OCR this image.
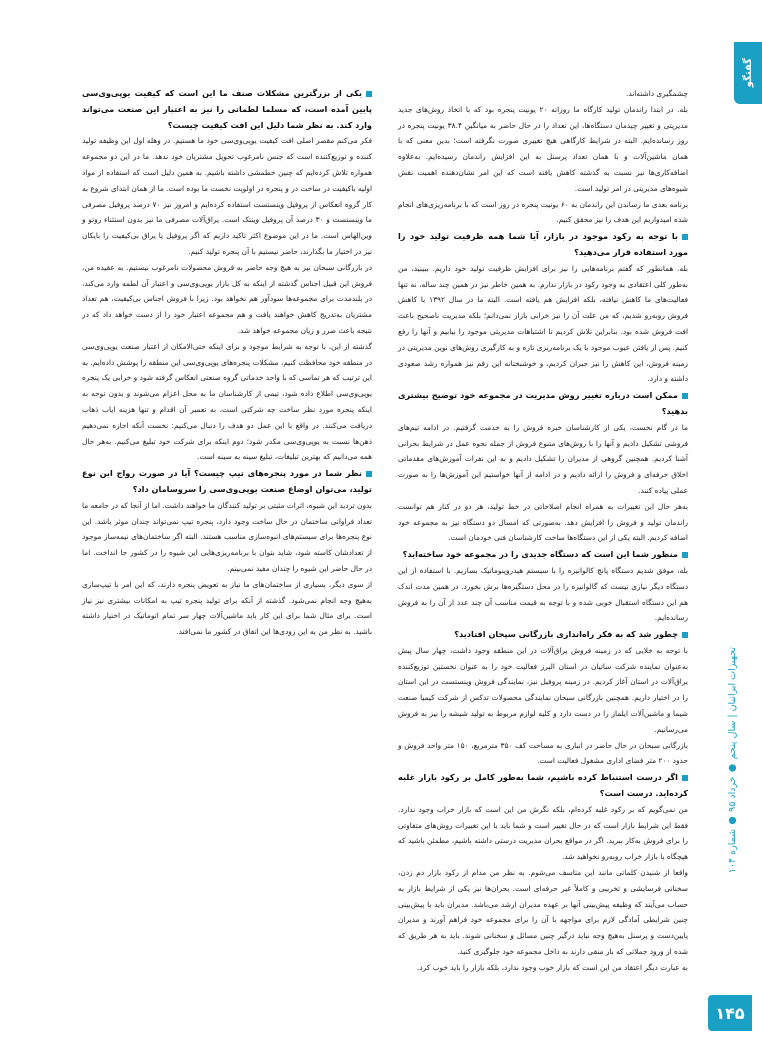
گفتگو
تجهیزات ایرانیان | سال پنجم ● خرداد ۹۵ ● شماره ۱۰۴
۱۴۵

چشمگیری داشته‌اند.

بله. در ابتدا راندمان تولید کارگاه ما روزانه ۲۰ یونیت پنجره بود که با اتخاذ روش‌های جدید مدیریتی و تغییر چیدمان دستگاه‌ها، این تعداد را در حال حاضر به میانگین ۳۸.۴ یونیت پنجره در روز رسانده‌ایم. البته در شرایط کارگاهی هیچ تغییری صورت نگرفته است؛ بدین معنی که با همان ماشین‌آلات و با همان تعداد پرسنل به این افزایش راندمان رسیده‌ایم. به‌علاوه اضافه‌کاری‌ها نیز نسبت به گذشته کاهش یافته است که این امر نشان‌دهنده اهمیت نقش شیوه‌های مدیریتی در امر تولید است.

برنامه بعدی ما رساندن این راندمان به ۶۰ یونیت پنجره در روز است که با برنامه‌ریزی‌های انجام شده امیدواریم این هدف را نیز محقق کنیم.

با توجه به رکود موجود در بازار، آیا شما همه ظرفیت تولید خود را مورد استفاده قرار می‌دهید؟

بله. همانطور که گفتم برنامه‌هایی را نیز برای افزایش ظرفیت تولید خود داریم. ببینید، من به‌طور کلی اعتقادی به وجود رکود در بازار ندارم. به همین خاطر نیز در همین چند ساله، نه تنها فعالیت‌های ما کاهش نیافته، بلکه افزایش هم یافته است. البته ما در سال ۱۳۹۲ با کاهش فروش روبه‌رو شدیم، که من علت آن را نیز خرابی بازار نمی‌دانم؛ بلکه مدیریت ناصحیح باعث افت فروش شده بود. بنابراین تلاش کردیم تا اشتباهات مدیریتی موجود را بیابیم و آنها را رفع کنیم. پس از یافتن عیوب موجود با یک برنامه‌ریزی تازه و به کارگیری روش‌های نوین مدیریتی در زمینه فروش، این کاهش را نیز جبران کردیم، و خوشبختانه این رقم نیز همواره رشد صعودی داشته و دارد.

ممکن است درباره تغییر روش مدیریت در مجموعه خود توضیح بیشتری بدهید؟

ما در گام نخست، یکی از کارشناسان خبره فروش را به خدمت گرفتیم. در ادامه تیم‌های فروشی تشکیل دادیم و آنها را با روش‌های متنوع فروش از جمله نحوه عمل در شرایط بحرانی آشنا کردیم. همچنین گروهی از مدیران را تشکیل دادیم و به این نفرات آموزش‌های مقدماتی اخلاق حرفه‌ای و فروش را ارائه دادیم و در ادامه از آنها خواستیم این آموزش‌ها را به صورت عملی پیاده کنند.

به‌هر حال این تغییرات به همراه انجام اصلاحاتی در خط تولید، هر دو در کنار هم توانست راندمان تولید و فروش را افزایش دهد. به‌صورتی که امسال دو دستگاه نیز به مجموعه خود اضافه کردیم. البته یکی از این دستگاه‌ها ساخت کارشناسان فنی خودمان است.

منظور شما این است که دستگاه جدیدی را در مجموعه خود ساخته‌اید؟

بله، موفق شدیم دستگاه پانچ کالوانیزه را با سیستم هیدروپنوماتیک بسازیم. با استفاده از این دستگاه دیگر نیازی نیست که گالوانیزه را در محل دستگیره‌ها برش بخورد. در همین مدت اندک هم این دستگاه استقبال خوبی شده و با توجه به قیمت مناسب آن چند عدد از آن را به فروش رسانده‌ایم.

چطور شد که به فکر راه‌اندازی بازرگانی سپحان افتادید؟

با توجه به خلایی که در زمینه فروش یراق‌آلات در این منطقه وجود داشت، چهار سال پیش به‌عنوان نماینده شرکت ساتیان در استان البرز فعالیت خود را به عنوان نخستین توزیع‌کننده یراق‌آلات در استان آغاز کردیم. در زمینه پروفیل نیز، نمایندگی فروش وینستست در این استان را در اختیار داریم. همچنین بازرگانی سبحان نمایندگی محصولات تدکس از شرکت کیمیا صنعت شیما و ماشین‌آلات ایلماز را در دست دارد و کلیه لوازم مربوط به تولید شیشه را نیز به فروش می‌رسانیم.

بازرگانی سبحان در حال حاضر در انباری به مساحت کف ۳۵۰ مترمربع، ۱۵۰ متر واحد فروش و حدود ۲۰۰ متر فضای اداری مشغول فعالیت است.

اگر درست استنباط کرده باشیم، شما به‌طور کامل بر رکود بازار غلبه کرده‌اید. درست است؟

من نمی‌گویم که بر رکود غلبه کرده‌ام، بلکه نگرش من این است که بازار خراب وجود ندارد. فقط این شرایط بازار است که در حال تغییر است و شما باید با این تغییرات روش‌های متفاوتی را برای فروش به‌کار ببرید. اگر در مواقع بحران مدیریت درستی داشته باشیم، مطمئن باشید که هیچگاه با بازار خراب روبه‌رو نخواهید شد.

واقعا از شنیدن کلماتی مانند این متاسف می‌شوم. به نظر من مدام از رکود بازار دم زدن، سخنانی فرسایشی و تخریبی و کاملاً غیر حرفه‌ای است. بحران‌ها نیز یکی از شرایط بازار به حساب می‌آیند که وظیفه پیش‌بینی آنها بر عهده مدیران ارشد می‌باشد. مدیران باید با پیش‌بینی چنین شرایطی آمادگی لازم برای مواجهه با آن را برای مجموعه خود فراهم آورند و مدیران پایین‌دست و پرسنل به‌هیچ وجه نباید درگیر چنین مسائل و سخنانی شوند. باید به هر طریق که شده از ورود جملاتی که بار منفی دارند به داخل مجموعه خود جلوگیری کنید.

به عبارت دیگر اعتقاد من این است که بازار خوب وجود ندارد، بلکه بازار را باید خوب کرد.

یکی از بزرگترین مشکلات صنف ما این است که کیفیت یوپی‌وی‌سی پایین آمده است، که مسلما لطماتی را نیز به اعتبار این صنعت می‌تواند وارد کند. به نظر شما دلیل این افت کیفیت چیست؟

فکر می‌کنم مقصر اصلی افت کیفیت یوپی‌وی‌سی خود ما هستیم. در وهله اول این وظیفه تولید کننده و توزیع‌کننده است که جنس نامرغوب تحویل مشتریان خود ندهد. ما در این دو مجموعه همواره تلاش کرده‌ایم که چنین خطمشی داشته باشیم. به همین دلیل است که استفاده از مواد اولیه باکیفیت در ساخت در و پنجره در اولویت نخست ما بوده است. ما از همان ابتدای شروع به کار گروه انعکاس از پروفیل وینستست استفاده کرده‌ایم و امروز نیز ۷۰ درصد پروفیل مصرفی ما وینستست و ۳۰ درصد آن پروفیل وینتک است. یراق‌آلات مصرفی ما نیز بدون استثناء روتو و وین‌الهاس است. ما در این موضوع اکثر تاکید داریم که اگر پروفیل یا یراق بی‌کیفیت را بایکان نیز در اختیار ما بگذارند، حاضر نیستیم با آن پنجره تولید کنیم.

در بازرگانی سبحان نیز به هیچ وجه حاضر به فروش محصولات نامرغوب نیستیم. به عقیده من، فروش این قبیل اجناس گذشته از اینکه به کل بازار یوپی‌وی‌سی و اعتبار آن لطمه وارد می‌کند، در بلندمدت برای مجموعه‌ها سودآور هم نخواهد بود. زیرا با فروش اجناس بی‌کیفیت، هم تعداد مشتریان به‌تدریج کاهش خواهند یافت و هم مجموعه اعتبار خود را از دست خواهد داد که در نتیجه باعث ضرر و زیان مجموعه خواهد شد.

گذشته از این، با توجه به شرایط موجود و برای اینکه حتی‌الامکان از اعتبار صنعت یوپی‌وی‌سی در منطقه خود محافظت کنیم، مشکلات پنجره‌های یوپی‌وی‌سی این منطقه را پوشش داده‌ایم. به این ترتیب که هر تماسی که با واحد خدماتی گروه صنعتی انعکاس گرفته شود و خرابی یک پنجره یوپی‌وی‌سی اطلاع داده شود، تیمی از کارشناسان ما به محل اعزام می‌شوند و بدون توجه به اینکه پنجره مورد نظر ساخت چه شرکتی است، به تعمیر آن اقدام و تنها هزینه ایاب ذهاب دریافت می‌کنند. در واقع با این عمل دو هدف را دنبال می‌کنیم: نخست آنکه اجازه نمی‌دهیم ذهن‌ها نسبت به یوپی‌وی‌سی مکدر شود؛ دوم اینکه برای شرکت خود تبلیغ می‌کنیم. به‌هر حال همه می‌دانیم که بهترین تبلیغات، تبلیغ سینه به سینه است.

نظر شما در مورد پنجره‌های تیپ چیست؟ آیا در صورت رواج این نوع تولید، می‌توان اوضاع صنعت یوپی‌وی‌سی را سروسامان داد؟

بدون تردید این شیوه، اثرات مثبتی بر تولید کنندگان ما خواهند داشت. اما از آنجا که در جامعه ما تعداد فراوانی ساختمان در حال ساخت وجود دارد، پنجره تیپ نمی‌تواند چندان موثر باشد. این نوع پنجره‌ها برای سیستم‌های انبوه‌سازی مناسب هستند. البته اگر ساختمان‌های نیمه‌ساز موجود از تعدادشان کاسته شود، شاید بتوان با برنامه‌ریزی‌هایی این شیوه را در کشور جا انداخت. اما در حال حاضر این شیوه را چندان مفید نمی‌بینم.

از سوی دیگر، بسیاری از ساختمان‌های ما نیاز به تعویض پنجره دارند، که این امر با تیپ‌سازی به‌هیچ وجه انجام نمی‌شود. گذشته از آنکه برای تولید پنجره تیپ به امکانات بیشتری نیز نیاز است. برای مثال شما برای این کار باید ماشین‌آلات چهار سر تمام اتوماتیک در اختیار داشته باشید. به نظر من به این زودی‌ها این اتفاق در کشور ما نمی‌افتد.
